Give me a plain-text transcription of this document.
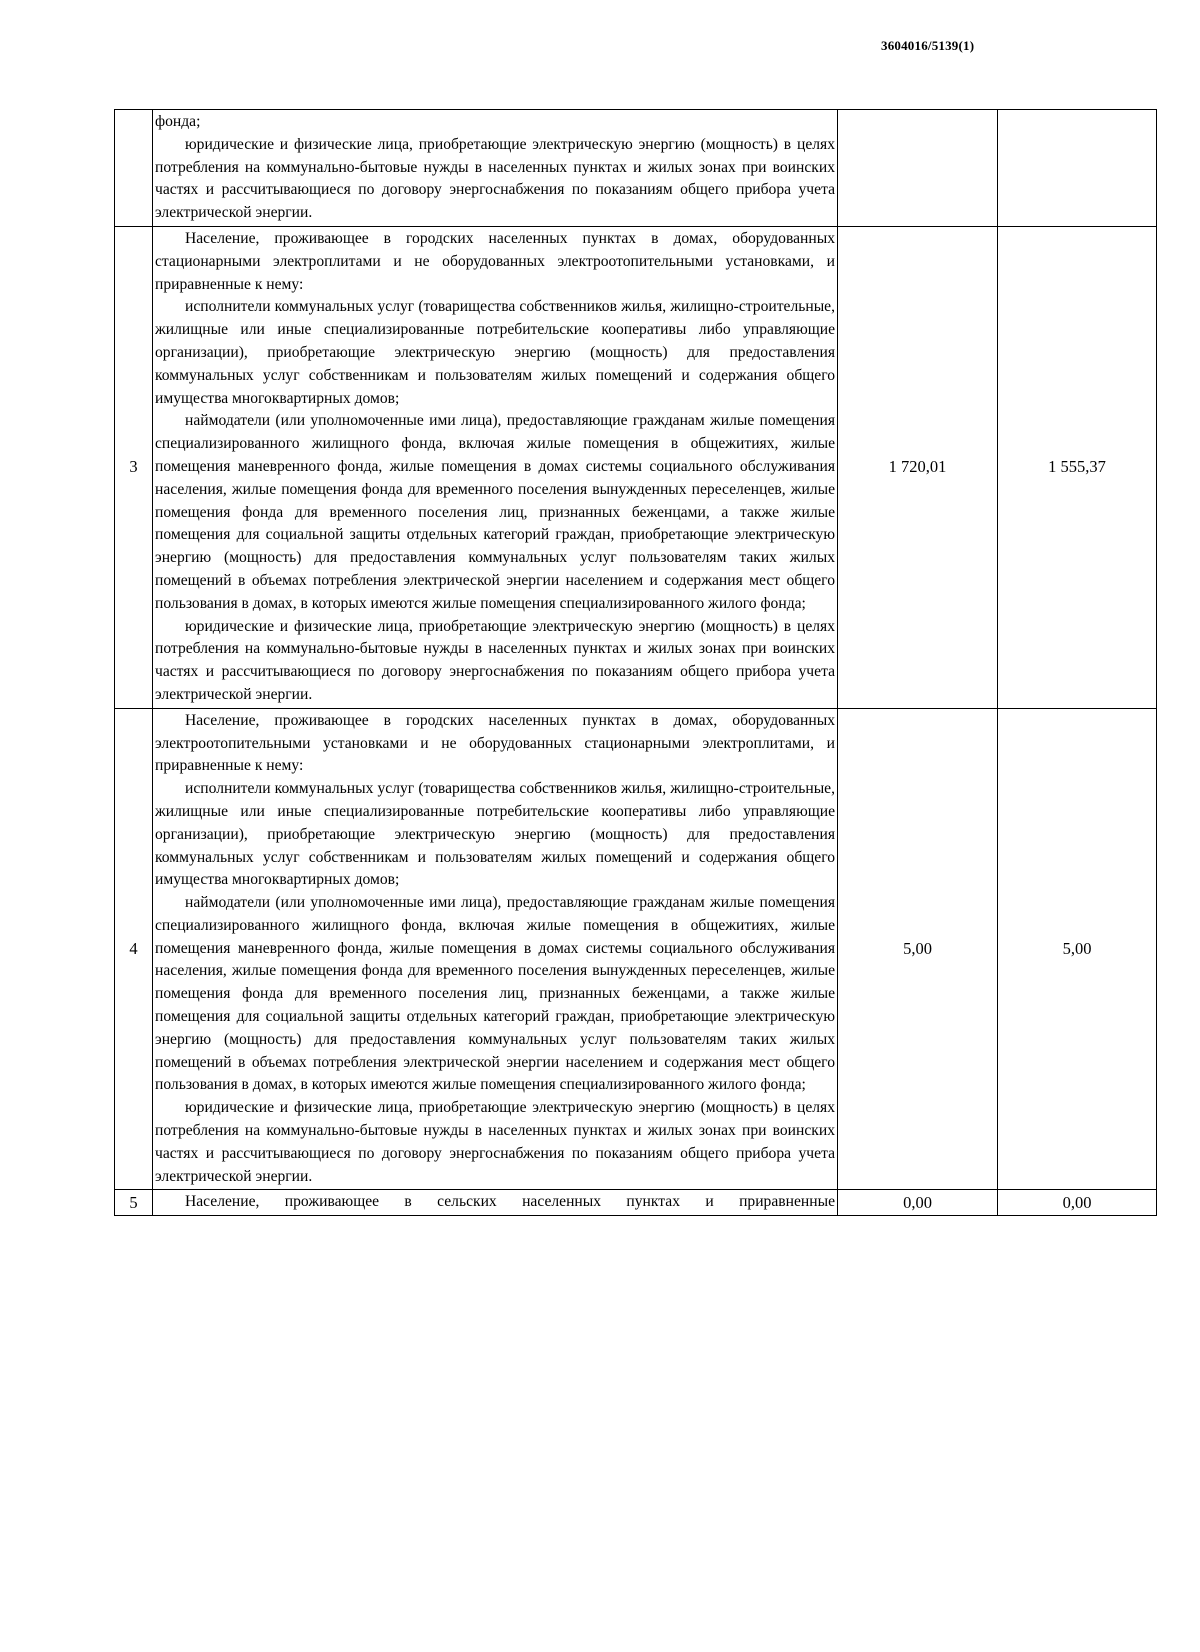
3604016/5139(1)

	фонда;

юридические и физические лица, приобретающие электрическую энергию (мощность) в целях потребления на коммунально-бытовые нужды в населенных пунктах и жилых зонах при воинских частях и рассчитывающиеся по договору энергоснабжения по показаниям общего прибора учета электрической энергии.		

3	Население, проживающее в городских населенных пунктах в домах, оборудованных стационарными электроплитами и не оборудованных электроотопительными установками, и приравненные к нему:

исполнители коммунальных услуг (товарищества собственников жилья, жилищно-строительные, жилищные или иные специализированные потребительские кооперативы либо управляющие организации), приобретающие электрическую энергию (мощность) для предоставления коммунальных услуг собственникам и пользователям жилых помещений и содержания общего имущества многоквартирных домов;

наймодатели (или уполномоченные ими лица), предоставляющие гражданам жилые помещения специализированного жилищного фонда, включая жилые помещения в общежитиях, жилые помещения маневренного фонда, жилые помещения в домах системы социального обслуживания населения, жилые помещения фонда для временного поселения вынужденных переселенцев, жилые помещения фонда для временного поселения лиц, признанных беженцами, а также жилые помещения для социальной защиты отдельных категорий граждан, приобретающие электрическую энергию (мощность) для предоставления коммунальных услуг пользователям таких жилых помещений в объемах потребления электрической энергии населением и содержания мест общего пользования в домах, в которых имеются жилые помещения специализированного жилого фонда;

юридические и физические лица, приобретающие электрическую энергию (мощность) в целях потребления на коммунально-бытовые нужды в населенных пунктах и жилых зонах при воинских частях и рассчитывающиеся по договору энергоснабжения по показаниям общего прибора учета электрической энергии.	1 720,01	1 555,37
4	Население, проживающее в городских населенных пунктах в домах, оборудованных электроотопительными установками и не оборудованных стационарными электроплитами, и приравненные к нему:

исполнители коммунальных услуг (товарищества собственников жилья, жилищно-строительные, жилищные или иные специализированные потребительские кооперативы либо управляющие организации), приобретающие электрическую энергию (мощность) для предоставления коммунальных услуг собственникам и пользователям жилых помещений и содержания общего имущества многоквартирных домов;

наймодатели (или уполномоченные ими лица), предоставляющие гражданам жилые помещения специализированного жилищного фонда, включая жилые помещения в общежитиях, жилые помещения маневренного фонда, жилые помещения в домах системы социального обслуживания населения, жилые помещения фонда для временного поселения вынужденных переселенцев, жилые помещения фонда для временного поселения лиц, признанных беженцами, а также жилые помещения для социальной защиты отдельных категорий граждан, приобретающие электрическую энергию (мощность) для предоставления коммунальных услуг пользователям таких жилых помещений в объемах потребления электрической энергии населением и содержания мест общего пользования в домах, в которых имеются жилые помещения специализированного жилого фонда;

юридические и физические лица, приобретающие электрическую энергию (мощность) в целях потребления на коммунально-бытовые нужды в населенных пунктах и жилых зонах при воинских частях и рассчитывающиеся по договору энергоснабжения по показаниям общего прибора учета электрической энергии.	5,00	5,00
5	Население, проживающее в сельских населенных пунктах и приравненные	0,00	0,00
